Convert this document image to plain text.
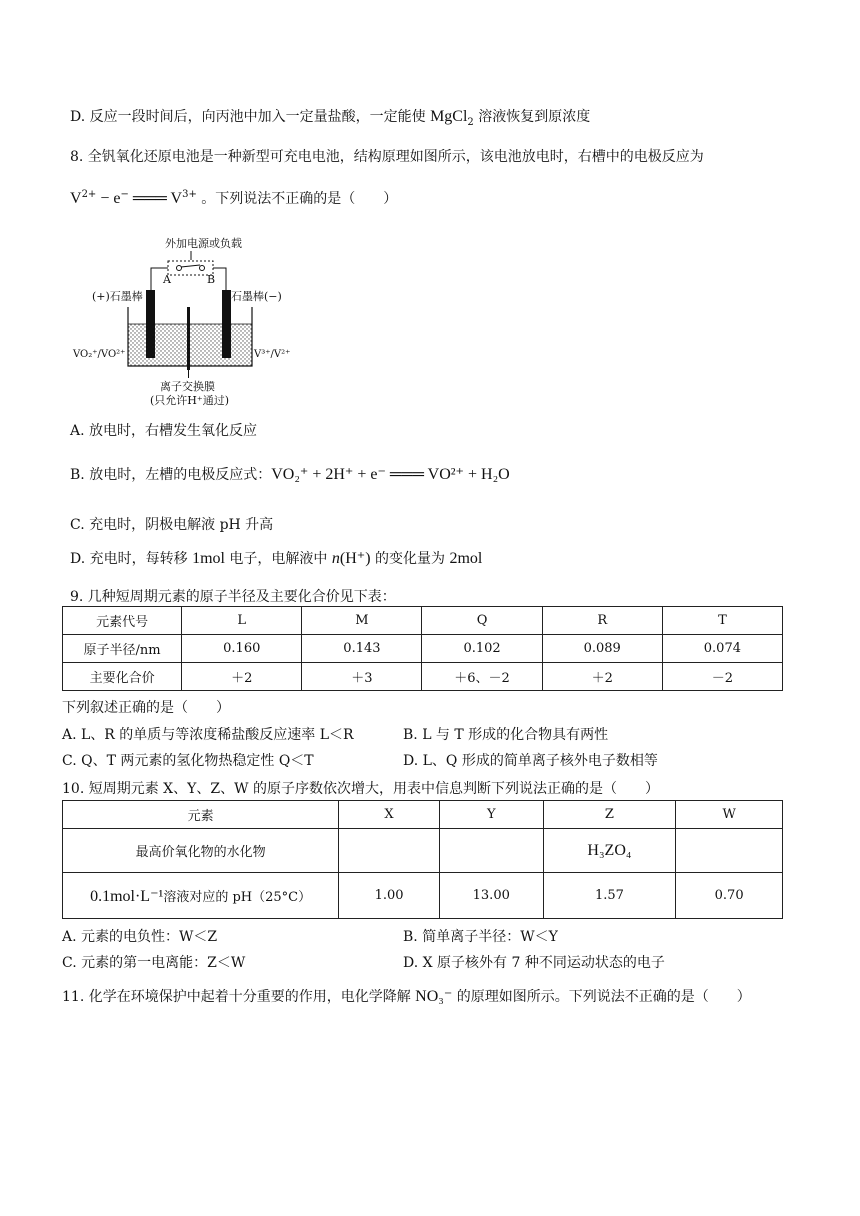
D. 反应一段时间后，向丙池中加入一定量盐酸，一定能使 MgCl$_2$ 溶液恢复到原浓度
8. 全钒氧化还原电池是一种新型可充电电池，结构原理如图所示，该电池放电时，右槽中的电极反应为
$V^{2+} - e^-$ ═══ $V^{3+}$ 。下列说法不正确的是（　　）
外加电源或负载
A	B
(+)石墨棒	石墨棒(−)
VO₂⁺/VO²⁺	V³⁺/V²⁺
离子交换膜
(只允许H⁺通过)
A. 放电时，右槽发生氧化反应
B. 放电时，左槽的电极反应式：VO₂⁺ + 2H⁺ + e⁻ ═══ VO²⁺ + H₂O
C. 充电时，阴极电解液 pH 升高
D. 充电时，每转移 1mol 电子，电解液中 n(H⁺) 的变化量为 2mol
9. 几种短周期元素的原子半径及主要化合价见下表：
元素代号	L	M	Q	R	T
原子半径/nm	0.160	0.143	0.102	0.089	0.074
主要化合价	＋2	＋3	＋6、－2	＋2	－2
下列叙述正确的是（　　）
A. L、R 的单质与等浓度稀盐酸反应速率 L＜R	B. L 与 T 形成的化合物具有两性
C. Q、T 两元素的氢化物热稳定性 Q＜T	D. L、Q 形成的简单离子核外电子数相等
10. 短周期元素 X、Y、Z、W 的原子序数依次增大，用表中信息判断下列说法正确的是（　　）
元素	X	Y	Z	W
最高价氧化物的水化物			H₃ZO₄	
0.1mol·L⁻¹溶液对应的 pH（25°C）	1.00	13.00	1.57	0.70
A. 元素的电负性：W＜Z	B. 简单离子半径：W＜Y
C. 元素的第一电离能：Z＜W	D. X 原子核外有 7 种不同运动状态的电子
11. 化学在环境保护中起着十分重要的作用，电化学降解 NO₃⁻ 的原理如图所示。下列说法不正确的是（　　）
